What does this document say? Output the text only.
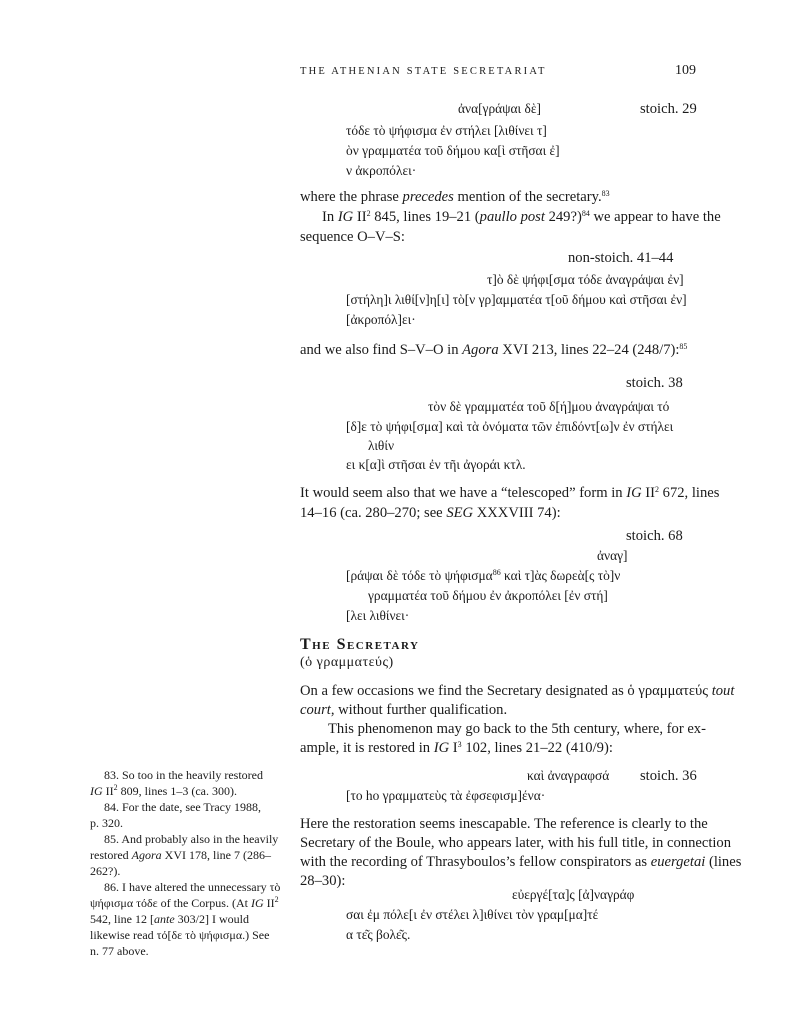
THE ATHENIAN STATE SECRETARIAT	109
ἀνα[γράψαι δὲ]	stoich. 29
τόδε τὸ ψήφισμα ἐν στήλει [λιθίνει τ]
ὸν γραμματέα τοῦ δήμου κα[ὶ στῆσαι ἐ]
ν ἀκροπόλει·
where the phrase precedes mention of the secretary.$^{83}$
In IG $II^2$ 845, lines 19–21 (paullo post 249?)$^{84}$ we appear to have the
sequence O–V–S:
non-stoich. 41–44
τ]ὸ δὲ ψήφι[σμα τόδε ἀναγράψαι ἐν]
[στήλη]ι λιθί[ν]η[ι] τὸ[ν γρ]αμματέα τ[οῦ δήμου καὶ στῆσαι ἐν]
[ἀκροπόλ]ει·
and we also find S–V–O in Agora XVI 213, lines 22–24 (248/7):$^{85}$
stoich. 38
τὸν δὲ γραμματέα τοῦ δ[ή]μου ἀναγράψαι τό
[δ]ε τὸ ψήφι[σμα] καὶ τὰ ὀνόματα τῶν ἐπιδόντ[ω]ν ἐν στήλει
λιθίν
ει κ[α]ὶ στῆσαι ἐν τῆι ἀγοράι κτλ.
It would seem also that we have a “telescoped” form in IG $II^2$ 672, lines
14–16 (ca. 280–270; see SEG XXXVIII 74):
stoich. 68
ἀναγ]
[ράψαι δὲ τόδε τὸ ψήφισμα$^{86}$ καὶ τ]ὰς δωρεὰ[ς τὸ]ν
γραμματέα τοῦ δήμου ἐν ἀκροπόλει [ἐν στή]
[λει λιθίνει·
The Secretary
(ὁ γραμματεύς)
On a few occasions we find the Secretary designated as ὁ γραμματεύς tout
court, without further qualification.
This phenomenon may go back to the 5th century, where, for ex-
ample, it is restored in IG $I^3$ 102, lines 21–22 (410/9):
καὶ ἀναγραφσά stoich. 36
[το hο γραμματεὺς τὰ ἐφσεφισμ]ένα·
Here the restoration seems inescapable. The reference is clearly to the
Secretary of the Boule, who appears later, with his full title, in connection
with the recording of Thrasyboulos’s fellow conspirators as euergetai (lines
28–30):
εὐεργέ[τα]ς [ἀ]ναγράφ
σαι ἐμ πόλε[ι ἐν στέλει λ]ιθίνει τὸν γραμ[μα]τέ
α τε͂ς βολε͂ς.
83. So too in the heavily restored
IG $II^2$ 809, lines 1–3 (ca. 300).
84. For the date, see Tracy 1988,
p. 320.
85. And probably also in the heavily
restored Agora XVI 178, line 7 (286–
262?).
86. I have altered the unnecessary τὸ
ψήφισμα τόδε of the Corpus. (At IG $II^2$
542, line 12 [ante 303/2] I would
likewise read τό[δε τὸ ψήφισμα.) See
n. 77 above.
